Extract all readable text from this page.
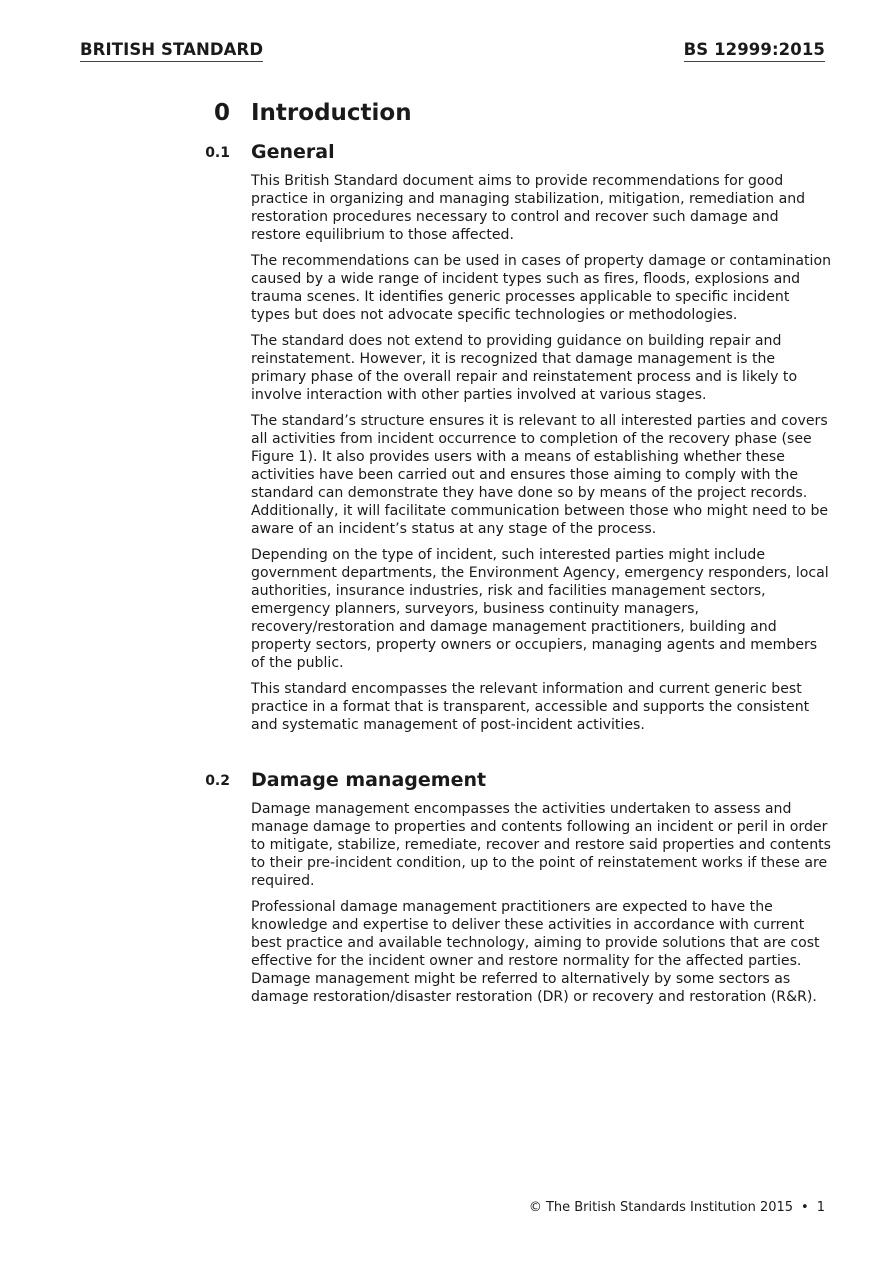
BRITISH STANDARD	BS 12999:2015
0 Introduction
0.1 General

This British Standard document aims to provide recommendations for good practice in organizing and managing stabilization, mitigation, remediation and restoration procedures necessary to control and recover such damage and restore equilibrium to those affected.

The recommendations can be used in cases of property damage or contamination caused by a wide range of incident types such as fires, floods, explosions and trauma scenes. It identifies generic processes applicable to specific incident types but does not advocate specific technologies or methodologies.

The standard does not extend to providing guidance on building repair and reinstatement. However, it is recognized that damage management is the primary phase of the overall repair and reinstatement process and is likely to involve interaction with other parties involved at various stages.

The standard’s structure ensures it is relevant to all interested parties and covers all activities from incident occurrence to completion of the recovery phase (see Figure 1). It also provides users with a means of establishing whether these activities have been carried out and ensures those aiming to comply with the standard can demonstrate they have done so by means of the project records. Additionally, it will facilitate communication between those who might need to be aware of an incident’s status at any stage of the process.

Depending on the type of incident, such interested parties might include government departments, the Environment Agency, emergency responders, local authorities, insurance industries, risk and facilities management sectors, emergency planners, surveyors, business continuity managers, recovery/restoration and damage management practitioners, building and property sectors, property owners or occupiers, managing agents and members of the public.

This standard encompasses the relevant information and current generic best practice in a format that is transparent, accessible and supports the consistent and systematic management of post-incident activities.

0.2 Damage management

Damage management encompasses the activities undertaken to assess and manage damage to properties and contents following an incident or peril in order to mitigate, stabilize, remediate, recover and restore said properties and contents to their pre-incident condition, up to the point of reinstatement works if these are required.

Professional damage management practitioners are expected to have the knowledge and expertise to deliver these activities in accordance with current best practice and available technology, aiming to provide solutions that are cost effective for the incident owner and restore normality for the affected parties. Damage management might be referred to alternatively by some sectors as damage restoration/disaster restoration (DR) or recovery and restoration (R&R).

© The British Standards Institution 2015 • 1
